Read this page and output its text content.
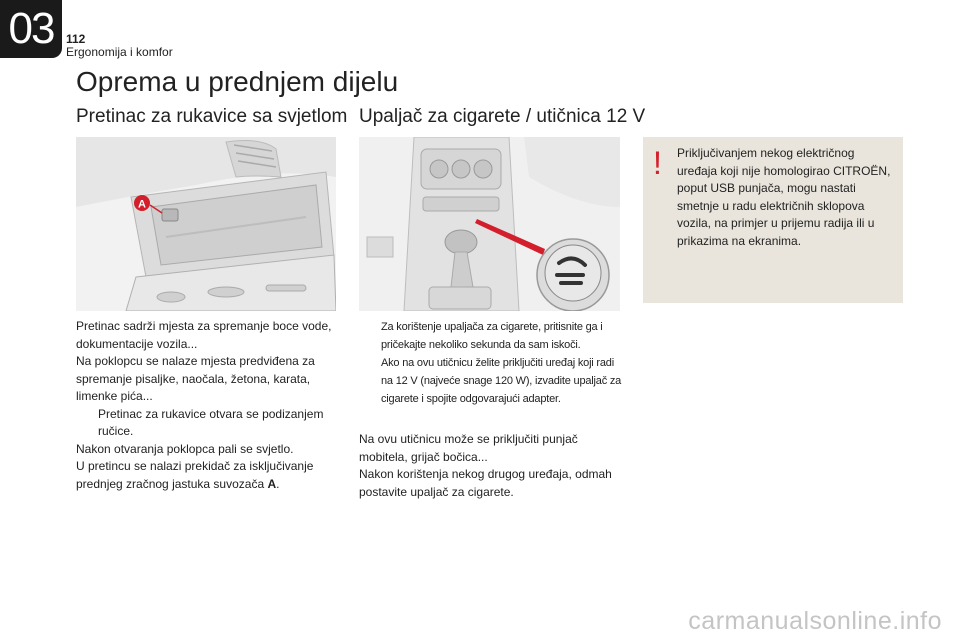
03 112
Ergonomija i komfor
Oprema u prednjem dijelu
Pretinac za rukavice sa svjetlom
A

Pretinac sadrži mjesta za spremanje boce vode, dokumentacije vozila...

Na poklopcu se nalaze mjesta predviđena za spremanje pisaljke, naočala, žetona, karata, limenke pića...

Pretinac za rukavice otvara se podizanjem ručice.

Nakon otvaranja poklopca pali se svjetlo.

U pretincu se nalazi prekidač za isključivanje prednjeg zračnog jastuka suvozača A.

Upaljač za cigarete / utičnica 12 V
Za korištenje upaljača za cigarete, pritisnite ga i pričekajte nekoliko sekunda da sam iskoči.
Ako na ovu utičnicu želite priključiti uređaj koji radi na 12 V (najveće snage 120 W), izvadite upaljač za cigarete i spojite odgovarajući adapter.

Na ovu utičnicu može se priključiti punjač mobitela, grijač bočica...

Nakon korištenja nekog drugog uređaja, odmah postavite upaljač za cigarete.

! Priključivanjem nekog električnog uređaja koji nije homologirao CITROËN, poput USB punjača, mogu nastati smetnje u radu električnih sklopova vozila, na primjer u prijemu radija ili u prikazima na ekranima.
carmanualsonline.info
